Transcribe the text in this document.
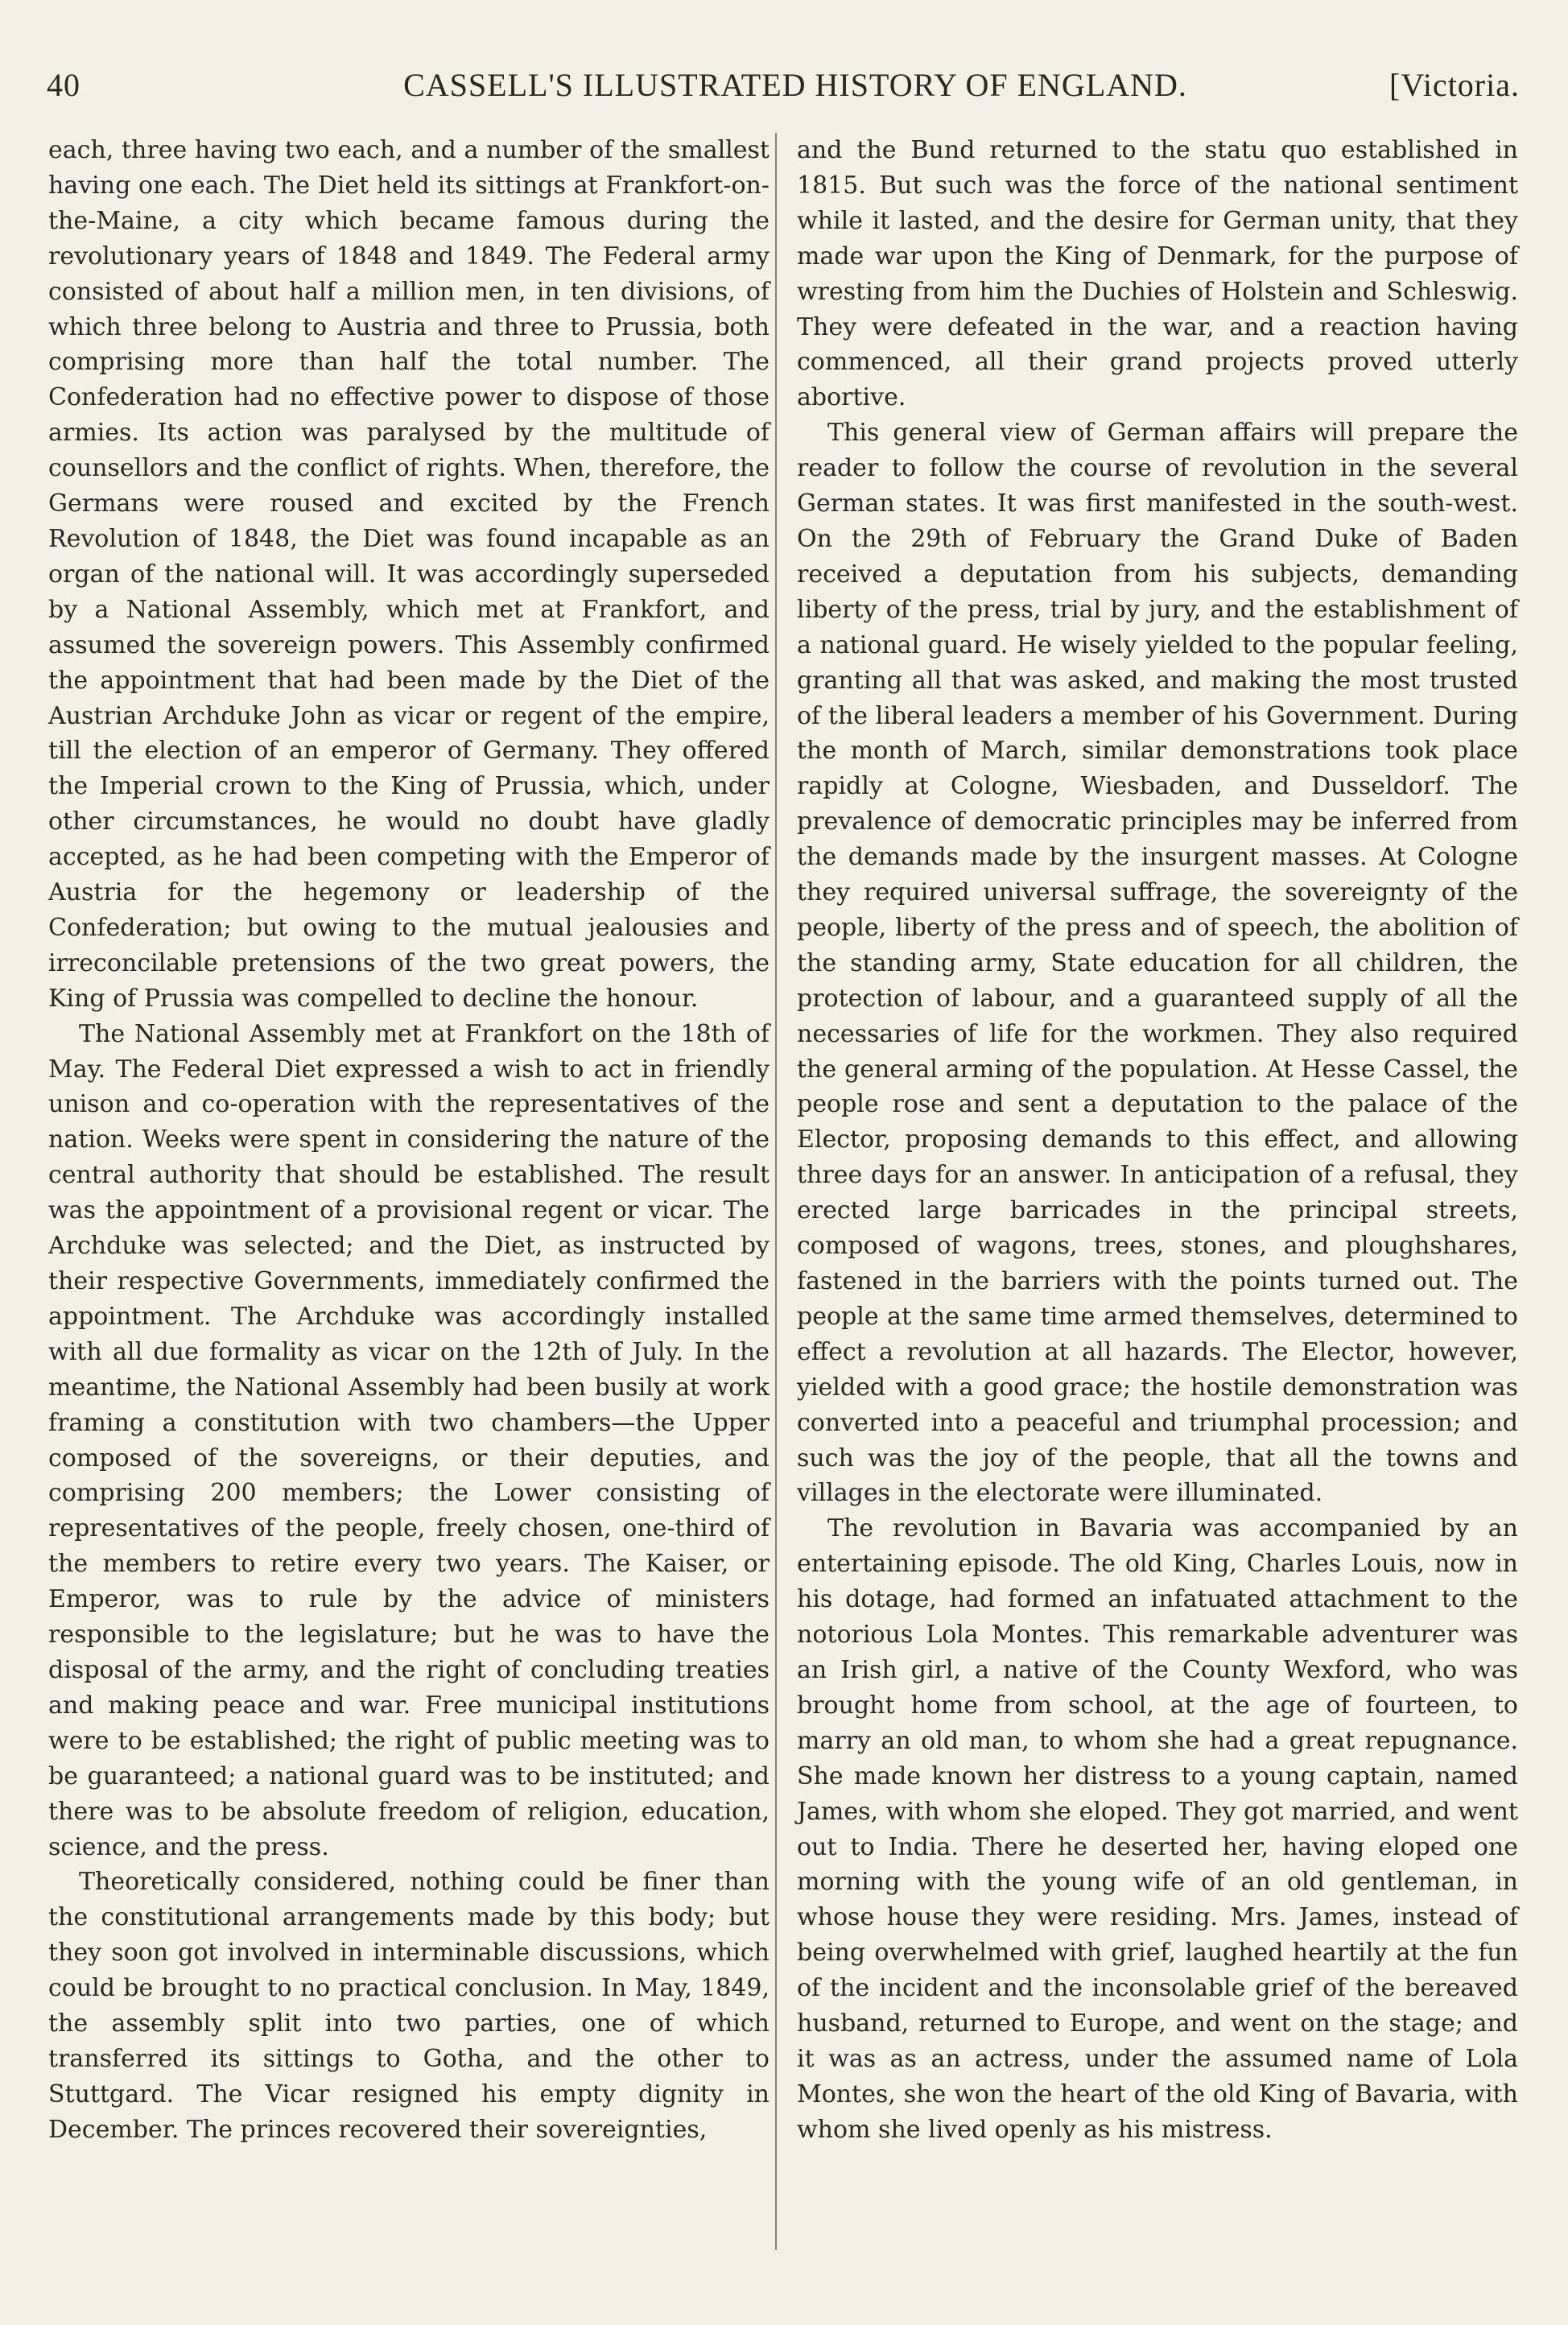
40	CASSELL'S ILLUSTRATED HISTORY OF ENGLAND.	[Victoria.

each, three having two each, and a number of the smallest having one each. The Diet held its sittings at Frankfort-on-the-Maine, a city which became famous during the revolutionary years of 1848 and 1849. The Federal army consisted of about half a million men, in ten divisions, of which three belong to Austria and three to Prussia, both comprising more than half the total number. The Confederation had no effective power to dispose of those armies. Its action was paralysed by the multitude of counsellors and the conflict of rights. When, therefore, the Germans were roused and excited by the French Revolution of 1848, the Diet was found incapable as an organ of the national will. It was accordingly superseded by a National Assembly, which met at Frankfort, and assumed the sovereign powers. This Assembly confirmed the appointment that had been made by the Diet of the Austrian Archduke John as vicar or regent of the empire, till the election of an emperor of Germany. They offered the Imperial crown to the King of Prussia, which, under other circumstances, he would no doubt have gladly accepted, as he had been competing with the Emperor of Austria for the hegemony or leadership of the Confederation; but owing to the mutual jealousies and irreconcilable pretensions of the two great powers, the King of Prussia was compelled to decline the honour.

The National Assembly met at Frankfort on the 18th of May. The Federal Diet expressed a wish to act in friendly unison and co-operation with the representatives of the nation. Weeks were spent in considering the nature of the central authority that should be established. The result was the appointment of a provisional regent or vicar. The Archduke was selected; and the Diet, as instructed by their respective Governments, immediately confirmed the appointment. The Archduke was accordingly installed with all due formality as vicar on the 12th of July. In the meantime, the National Assembly had been busily at work framing a constitution with two chambers—the Upper composed of the sovereigns, or their deputies, and comprising 200 members; the Lower consisting of representatives of the people, freely chosen, one-third of the members to retire every two years. The Kaiser, or Emperor, was to rule by the advice of ministers responsible to the legislature; but he was to have the disposal of the army, and the right of concluding treaties and making peace and war. Free municipal institutions were to be established; the right of public meeting was to be guaranteed; a national guard was to be instituted; and there was to be absolute freedom of religion, education, science, and the press.

Theoretically considered, nothing could be finer than the constitutional arrangements made by this body; but they soon got involved in interminable discussions, which could be brought to no practical conclusion. In May, 1849, the assembly split into two parties, one of which transferred its sittings to Gotha, and the other to Stuttgard. The Vicar resigned his empty dignity in December. The princes recovered their sovereignties,

and the Bund returned to the statu quo established in 1815. But such was the force of the national sentiment while it lasted, and the desire for German unity, that they made war upon the King of Denmark, for the purpose of wresting from him the Duchies of Holstein and Schleswig. They were defeated in the war, and a reaction having commenced, all their grand projects proved utterly abortive.

This general view of German affairs will prepare the reader to follow the course of revolution in the several German states. It was first manifested in the south-west. On the 29th of February the Grand Duke of Baden received a deputation from his subjects, demanding liberty of the press, trial by jury, and the establishment of a national guard. He wisely yielded to the popular feeling, granting all that was asked, and making the most trusted of the liberal leaders a member of his Government. During the month of March, similar demonstrations took place rapidly at Cologne, Wiesbaden, and Dusseldorf. The prevalence of democratic principles may be inferred from the demands made by the insurgent masses. At Cologne they required universal suffrage, the sovereignty of the people, liberty of the press and of speech, the abolition of the standing army, State education for all children, the protection of labour, and a guaranteed supply of all the necessaries of life for the workmen. They also required the general arming of the population. At Hesse Cassel, the people rose and sent a deputation to the palace of the Elector, proposing demands to this effect, and allowing three days for an answer. In anticipation of a refusal, they erected large barricades in the principal streets, composed of wagons, trees, stones, and ploughshares, fastened in the barriers with the points turned out. The people at the same time armed themselves, determined to effect a revolution at all hazards. The Elector, however, yielded with a good grace; the hostile demonstration was converted into a peaceful and triumphal procession; and such was the joy of the people, that all the towns and villages in the electorate were illuminated.

The revolution in Bavaria was accompanied by an entertaining episode. The old King, Charles Louis, now in his dotage, had formed an infatuated attachment to the notorious Lola Montes. This remarkable adventurer was an Irish girl, a native of the County Wexford, who was brought home from school, at the age of fourteen, to marry an old man, to whom she had a great repugnance. She made known her distress to a young captain, named James, with whom she eloped. They got married, and went out to India. There he deserted her, having eloped one morning with the young wife of an old gentleman, in whose house they were residing. Mrs. James, instead of being overwhelmed with grief, laughed heartily at the fun of the incident and the inconsolable grief of the bereaved husband, returned to Europe, and went on the stage; and it was as an actress, under the assumed name of Lola Montes, she won the heart of the old King of Bavaria, with whom she lived openly as his mistress.
